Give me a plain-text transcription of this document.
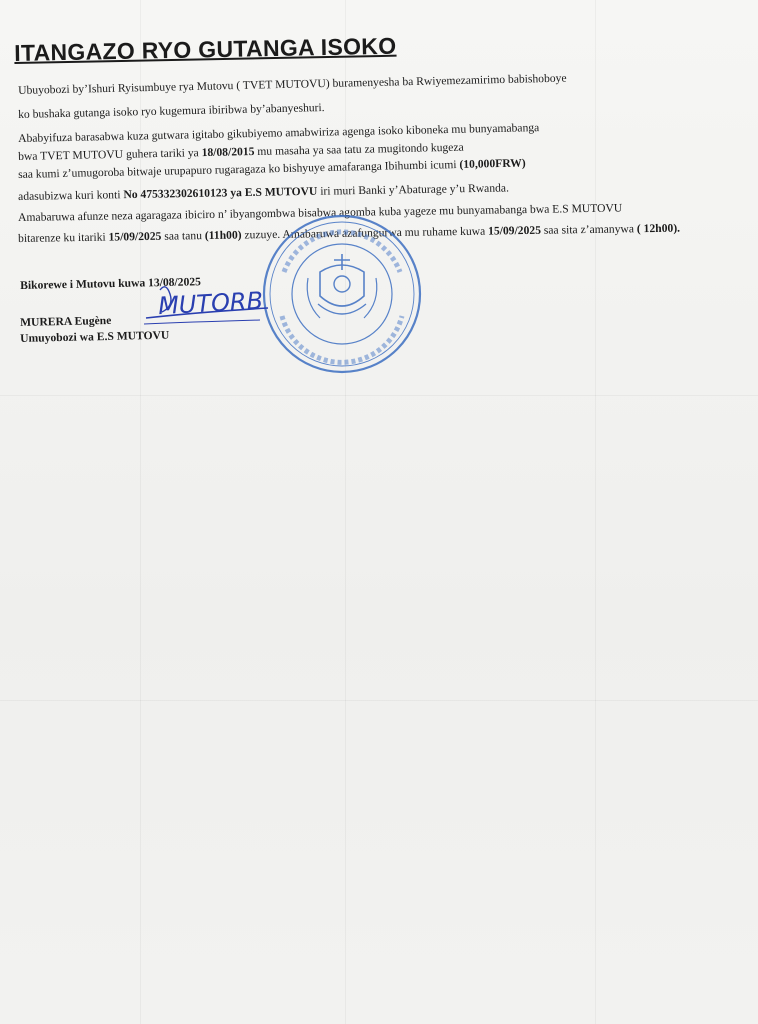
ITANGAZO RYO GUTANGA ISOKO
Ubuyobozi by’Ishuri Ryisumbuye rya Mutovu ( TVET MUTOVU) buramenyesha ba Rwiyemezamirimo babishoboye
ko bushaka gutanga isoko ryo kugemura ibiribwa by’abanyeshuri.
Ababyifuza barasabwa kuza gutwara igitabo gikubiyemo amabwiriza agenga isoko kiboneka mu bunyamabanga
bwa TVET MUTOVU guhera tariki ya 18/08/2015 mu masaha ya saa tatu za mugitondo kugeza
saa kumi z’umugoroba bitwaje urupapuro rugaragaza ko bishyuye amafaranga Ibihumbi icumi (10,000FRW)
adasubizwa kuri konti No 475332302610123 ya E.S MUTOVU iri muri Banki y’Abaturage y’u Rwanda.
Amabaruwa afunze neza agaragaza ibiciro n’ ibyangombwa bisabwa agomba kuba yageze mu bunyamabanga bwa E.S MUTOVU
bitarenze ku itariki 15/09/2025 saa tanu (11h00) zuzuye. Amabaruwa azafungurwa mu ruhame kuwa 15/09/2025 saa sita z’amanywa ( 12h00).
Bikorewe i Mutovu kuwa 13/08/2025
MUTORB
MURERA Eugène
Umuyobozi wa E.S MUTOVU
